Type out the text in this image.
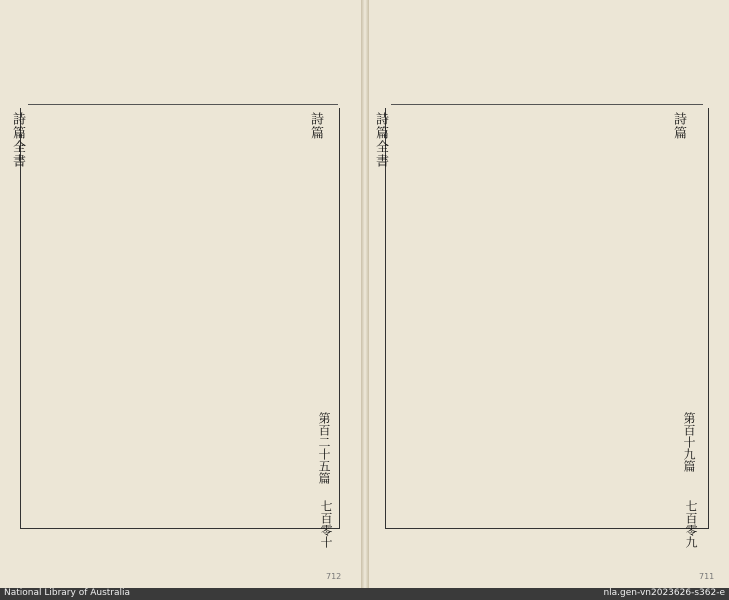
詩篇
詩篇全書
第百二十五篇
七百零十
712
詩篇
詩篇全書
第百十九篇
七百零九
711
National Library of Australia	nla.gen-vn2023626-s362-e
